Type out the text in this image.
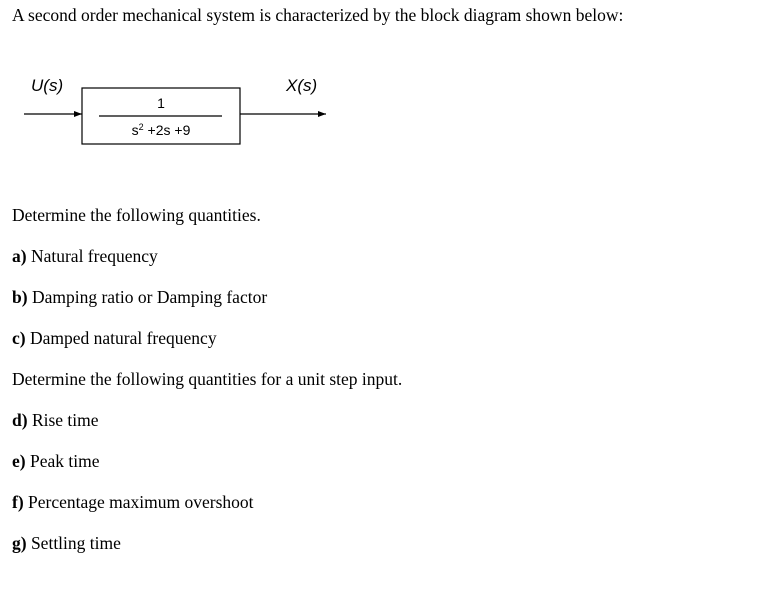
A second order mechanical system is characterized by the block diagram shown below:
1
$s^2 +2s +9$
U(s)	X(s)
Determine the following quantities.
a) Natural frequency
b) Damping ratio or Damping factor
c) Damped natural frequency
Determine the following quantities for a unit step input.
d) Rise time
e) Peak time
f) Percentage maximum overshoot
g) Settling time
